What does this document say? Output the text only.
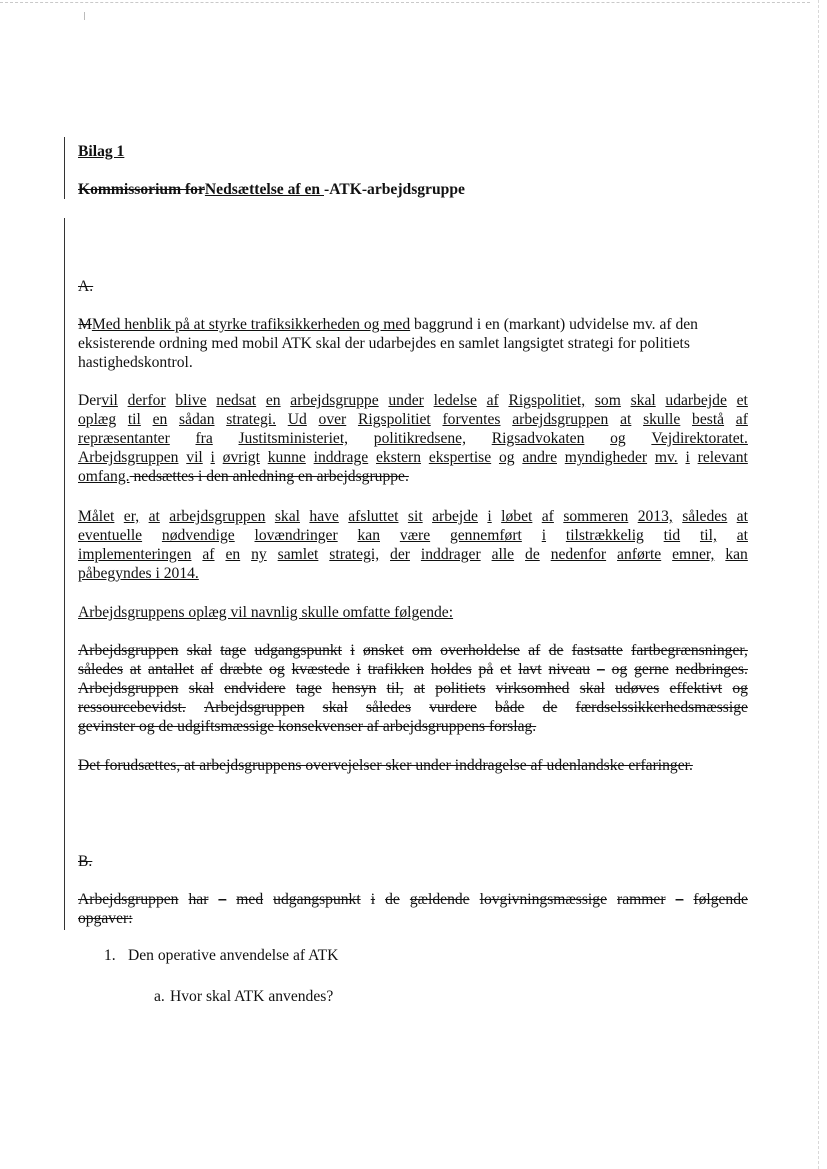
Bilag 1
Kommissorium forNedsættelse af en -ATK-arbejdsgruppe
A.
MMed henblik på at styrke trafiksikkerheden og med baggrund i en (markant) udvidelse mv. af den
eksisterende ordning med mobil ATK skal der udarbejdes en samlet langsigtet strategi for politiets
hastighedskontrol.
Dervil derfor blive nedsat en arbejdsgruppe under ledelse af Rigspolitiet, som skal udarbejde et
oplæg til en sådan strategi. Ud over Rigspolitiet forventes arbejdsgruppen at skulle bestå af
repræsentanter fra Justitsministeriet, politikredsene, Rigsadvokaten og Vejdirektoratet.
Arbejdsgruppen vil i øvrigt kunne inddrage ekstern ekspertise og andre myndigheder mv. i relevant
omfang. nedsættes i den anledning en arbejdsgruppe.
Målet er, at arbejdsgruppen skal have afsluttet sit arbejde i løbet af sommeren 2013, således at
eventuelle nødvendige lovændringer kan være gennemført i tilstrækkelig tid til, at
implementeringen af en ny samlet strategi, der inddrager alle de nedenfor anførte emner, kan
påbegyndes i 2014.
Arbejdsgruppens oplæg vil navnlig skulle omfatte følgende:
Arbejdsgruppen skal tage udgangspunkt i ønsket om overholdelse af de fastsatte fartbegrænsninger,
således at antallet af dræbte og kvæstede i trafikken holdes på et lavt niveau – og gerne nedbringes.
Arbejdsgruppen skal endvidere tage hensyn til, at politiets virksomhed skal udøves effektivt og
ressourcebevidst. Arbejdsgruppen skal således vurdere både de færdselssikkerhedsmæssige
gevinster og de udgiftsmæssige konsekvenser af arbejdsgruppens forslag.
Det forudsættes, at arbejdsgruppens overvejelser sker under inddragelse af udenlandske erfaringer.
B.
Arbejdsgruppen har – med udgangspunkt i de gældende lovgivningsmæssige rammer – følgende
opgaver:
1. Den operative anvendelse af ATK
a. Hvor skal ATK anvendes?
